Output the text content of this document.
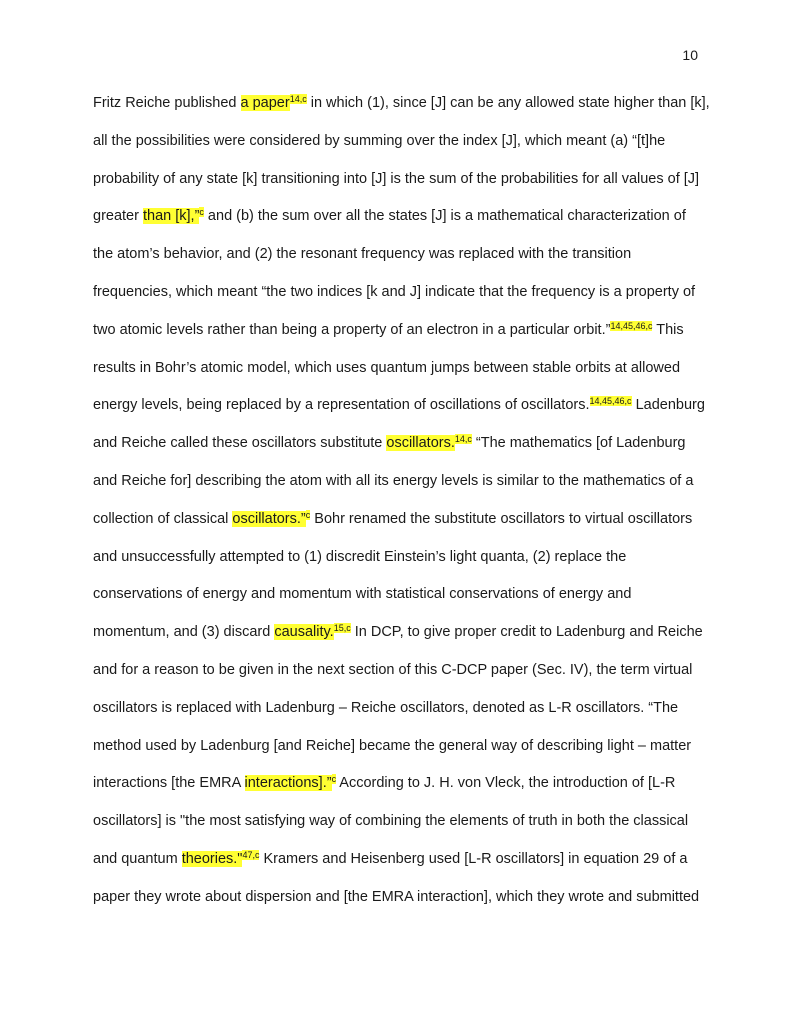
10
Fritz Reiche published a paper$^{14,c}$ in which (1), since [J] can be any allowed state higher than [k],
all the possibilities were considered by summing over the index [J], which meant (a) “[t]he
probability of any state [k] transitioning into [J] is the sum of the probabilities for all values of [J]
greater than [k],”$^c$ and (b) the sum over all the states [J] is a mathematical characterization of
the atom’s behavior, and (2) the resonant frequency was replaced with the transition
frequencies, which meant “the two indices [k and J] indicate that the frequency is a property of
two atomic levels rather than being a property of an electron in a particular orbit.”$^{14,45,46,c}$ This
results in Bohr’s atomic model, which uses quantum jumps between stable orbits at allowed
energy levels, being replaced by a representation of oscillations of oscillators.$^{14,45,46,c}$ Ladenburg
and Reiche called these oscillators substitute oscillators.$^{14,c}$ “The mathematics [of Ladenburg
and Reiche for] describing the atom with all its energy levels is similar to the mathematics of a
collection of classical oscillators.”$^c$ Bohr renamed the substitute oscillators to virtual oscillators
and unsuccessfully attempted to (1) discredit Einstein’s light quanta, (2) replace the
conservations of energy and momentum with statistical conservations of energy and
momentum, and (3) discard causality.$^{15,c}$ In DCP, to give proper credit to Ladenburg and Reiche
and for a reason to be given in the next section of this C-DCP paper (Sec. IV), the term virtual
oscillators is replaced with Ladenburg – Reiche oscillators, denoted as L-R oscillators. “The
method used by Ladenburg [and Reiche] became the general way of describing light – matter
interactions [the EMRA interactions].”$^c$ According to J. H. von Vleck, the introduction of [L-R
oscillators] is "the most satisfying way of combining the elements of truth in both the classical
and quantum theories."$^{47,c}$ Kramers and Heisenberg used [L-R oscillators] in equation 29 of a
paper they wrote about dispersion and [the EMRA interaction], which they wrote and submitted
